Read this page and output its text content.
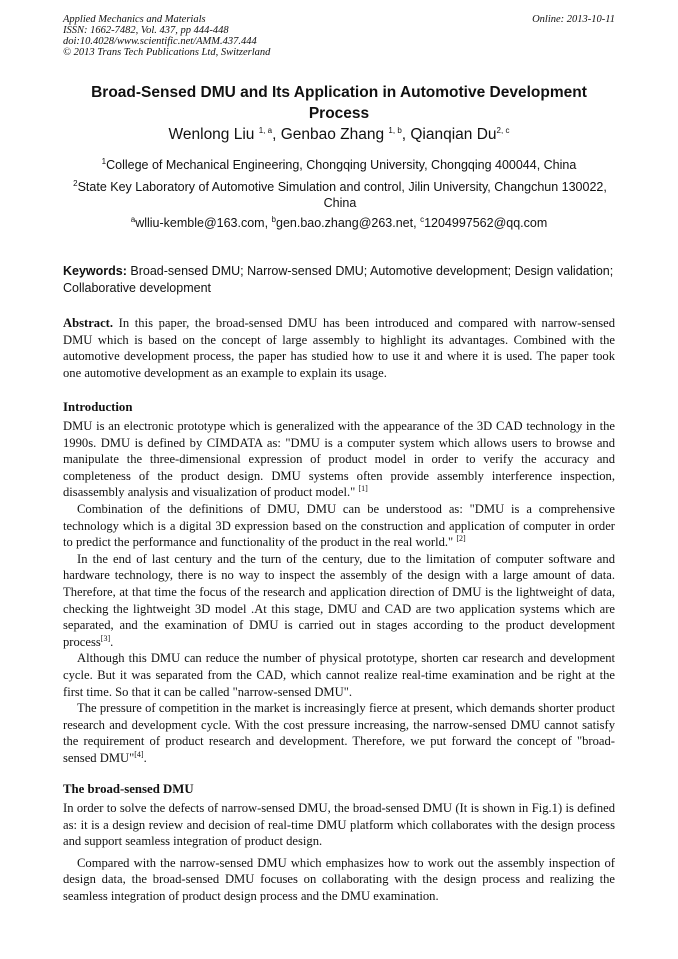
Applied Mechanics and Materials
ISSN: 1662-7482, Vol. 437, pp 444-448
doi:10.4028/www.scientific.net/AMM.437.444
© 2013 Trans Tech Publications Ltd, Switzerland
Online: 2013-10-11
Broad-Sensed DMU and Its Application in Automotive Development Process
Wenlong Liu $^{1, a}$, Genbao Zhang $^{1, b}$, Qianqian Du$^{2, c}$
$^1$College of Mechanical Engineering, Chongqing University, Chongqing 400044, China
$^2$State Key Laboratory of Automotive Simulation and control, Jilin University, Changchun 130022, China
$^a$wlliu-kemble@163.com, $^b$gen.bao.zhang@263.net, $^c$1204997562@qq.com
Keywords: Broad-sensed DMU; Narrow-sensed DMU; Automotive development; Design validation; Collaborative development

Abstract. In this paper, the broad-sensed DMU has been introduced and compared with narrow-sensed DMU which is based on the concept of large assembly to highlight its advantages. Combined with the automotive development process, the paper has studied how to use it and where it is used. The paper took one automotive development as an example to explain its usage.

Introduction

DMU is an electronic prototype which is generalized with the appearance of the 3D CAD technology in the 1990s. DMU is defined by CIMDATA as: "DMU is a computer system which allows users to browse and manipulate the three-dimensional expression of product model in order to verify the accuracy and completeness of the product design. DMU systems often provide assembly interference inspection, disassembly analysis and visualization of product model." [1]

Combination of the definitions of DMU, DMU can be understood as: "DMU is a comprehensive technology which is a digital 3D expression based on the construction and application of computer in order to predict the performance and functionality of the product in the real world." [2]

In the end of last century and the turn of the century, due to the limitation of computer software and hardware technology, there is no way to inspect the assembly of the design with a large amount of data. Therefore, at that time the focus of the research and application direction of DMU is the lightweight of data, checking the lightweight 3D model .At this stage, DMU and CAD are two application systems which are separated, and the examination of DMU is carried out in stages according to the product development process[3].

Although this DMU can reduce the number of physical prototype, shorten car research and development cycle. But it was separated from the CAD, which cannot realize real-time examination and be right at the first time. So that it can be called "narrow-sensed DMU".

The pressure of competition in the market is increasingly fierce at present, which demands shorter product research and development cycle. With the cost pressure increasing, the narrow-sensed DMU cannot satisfy the requirement of product research and development. Therefore, we put forward the concept of "broad-sensed DMU"[4].

The broad-sensed DMU

In order to solve the defects of narrow-sensed DMU, the broad-sensed DMU (It is shown in Fig.1) is defined as: it is a design review and decision of real-time DMU platform which collaborates with the design process and support seamless integration of product design.

Compared with the narrow-sensed DMU which emphasizes how to work out the assembly inspection of design data, the broad-sensed DMU focuses on collaborating with the design process and realizing the seamless integration of product design process and the DMU examination.
